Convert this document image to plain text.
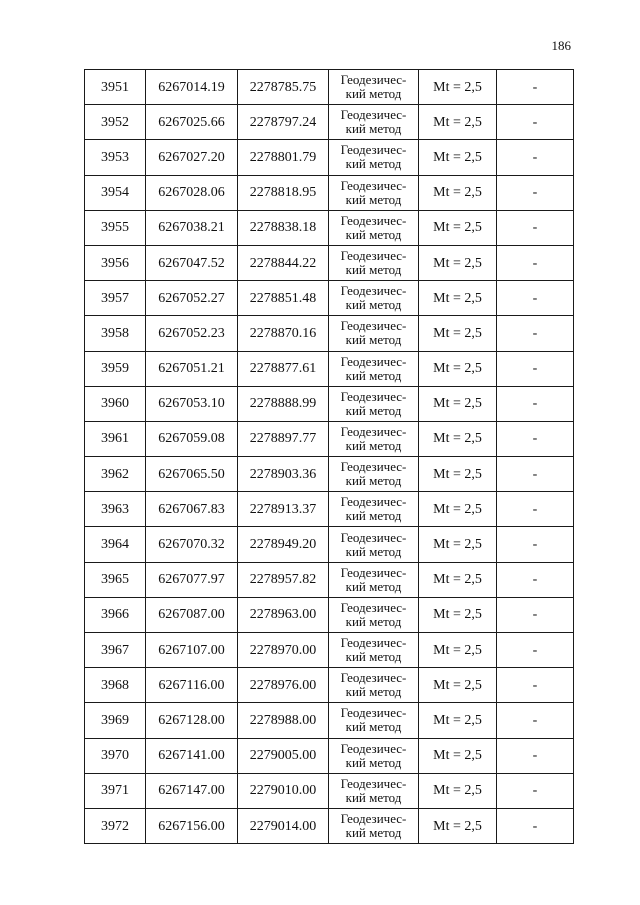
186
3951	6267014.19	2278785.75	Геодезичес-
кий метод	Mt = 2,5	-
3952	6267025.66	2278797.24	Геодезичес-
кий метод	Mt = 2,5	-
3953	6267027.20	2278801.79	Геодезичес-
кий метод	Mt = 2,5	-
3954	6267028.06	2278818.95	Геодезичес-
кий метод	Mt = 2,5	-
3955	6267038.21	2278838.18	Геодезичес-
кий метод	Mt = 2,5	-
3956	6267047.52	2278844.22	Геодезичес-
кий метод	Mt = 2,5	-
3957	6267052.27	2278851.48	Геодезичес-
кий метод	Mt = 2,5	-
3958	6267052.23	2278870.16	Геодезичес-
кий метод	Mt = 2,5	-
3959	6267051.21	2278877.61	Геодезичес-
кий метод	Mt = 2,5	-
3960	6267053.10	2278888.99	Геодезичес-
кий метод	Mt = 2,5	-
3961	6267059.08	2278897.77	Геодезичес-
кий метод	Mt = 2,5	-
3962	6267065.50	2278903.36	Геодезичес-
кий метод	Mt = 2,5	-
3963	6267067.83	2278913.37	Геодезичес-
кий метод	Mt = 2,5	-
3964	6267070.32	2278949.20	Геодезичес-
кий метод	Mt = 2,5	-
3965	6267077.97	2278957.82	Геодезичес-
кий метод	Mt = 2,5	-
3966	6267087.00	2278963.00	Геодезичес-
кий метод	Mt = 2,5	-
3967	6267107.00	2278970.00	Геодезичес-
кий метод	Mt = 2,5	-
3968	6267116.00	2278976.00	Геодезичес-
кий метод	Mt = 2,5	-
3969	6267128.00	2278988.00	Геодезичес-
кий метод	Mt = 2,5	-
3970	6267141.00	2279005.00	Геодезичес-
кий метод	Mt = 2,5	-
3971	6267147.00	2279010.00	Геодезичес-
кий метод	Mt = 2,5	-
3972	6267156.00	2279014.00	Геодезичес-
кий метод	Mt = 2,5	-
